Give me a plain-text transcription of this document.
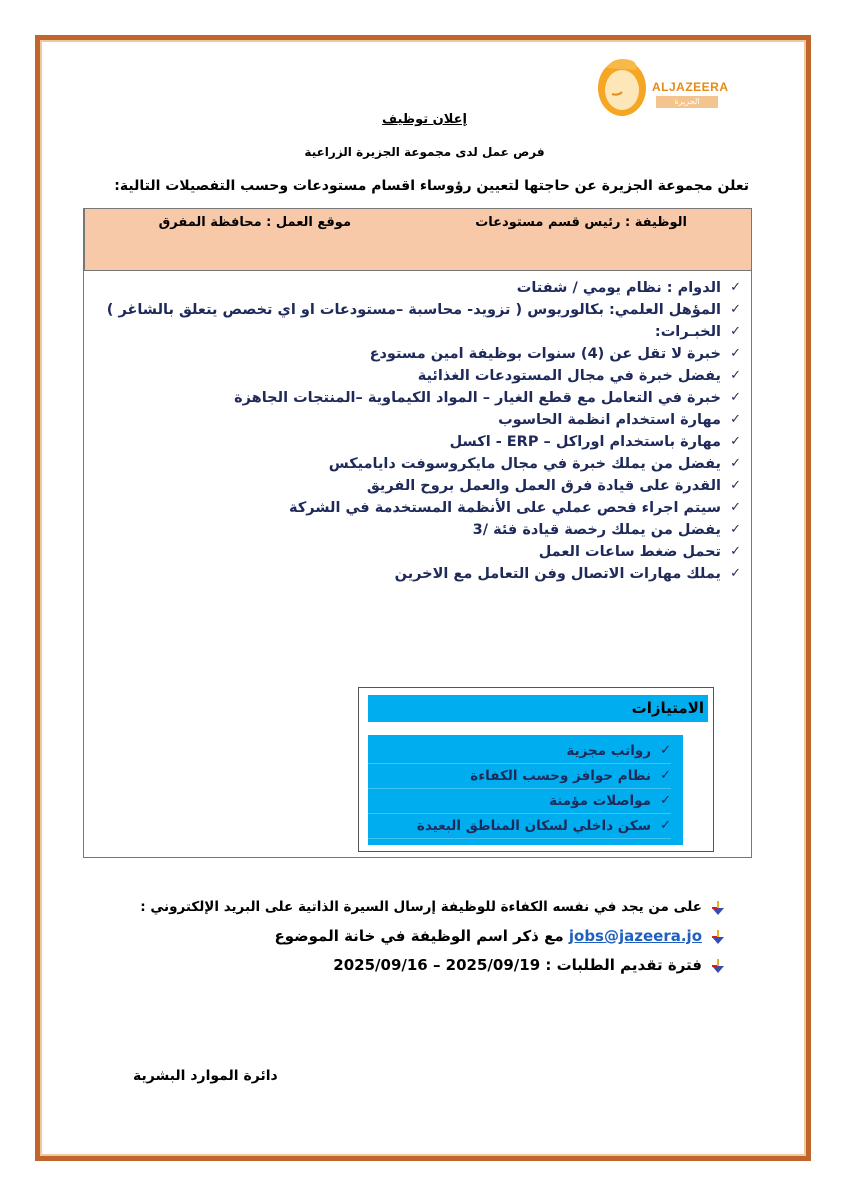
ALJAZEERA
الجزيرة
إعلان توظيف
فرص عمل لدى مجموعة الجزيرة الزراعية
تعلن مجموعة الجزيرة عن حاجتها لتعيين رؤوساء اقسام مستودعات وحسب التفصيلات التالية:
الوظيفة : رئيس قسم مستودعات
موقع العمل : محافظة المفرق
✓
الدوام : نظام يومي / شفتات
✓
المؤهل العلمي: بكالوريوس ( تزويد- محاسبة –مستودعات او اي تخصص يتعلق بالشاغر )
✓
الخبـرات:
✓
خبرة لا تقل عن (4) سنوات بوظيفة امين مستودع
✓
يفضل خبرة في مجال المستودعات الغذائية
✓
خبرة في التعامل مع قطع الغيار – المواد الكيماوية –المنتجات الجاهزة
✓
مهارة استخدام انظمة الحاسوب
✓
مهارة باستخدام اوراكل – ERP - اكسل
✓
يفضل من يملك خبرة في مجال مايكروسوفت داياميكس
✓
القدرة على قيادة فرق العمل والعمل بروح الفريق
✓
سيتم اجراء فحص عملي على الأنظمة المستخدمة في الشركة
✓
يفضل من يملك رخصة قيادة فئة /3
✓
تحمل ضغط ساعات العمل
✓
يملك مهارات الاتصال وفن التعامل مع الاخرين
الامتيازات
✓
رواتب مجزية
✓
نظام حوافز وحسب الكفاءة
✓
مواصلات مؤمنة
✓
سكن داخلي لسكان المناطق البعيدة
على من يجد في نفسه الكفاءة للوظيفة إرسال السيرة الذاتية على البريد الإلكتروني :
jobs@jazeera.jo مع ذكر اسم الوظيفة في خانة الموضوع
فترة تقديم الطلبات : 2025/09/16 – 2025/09/19
دائرة الموارد البشرية
